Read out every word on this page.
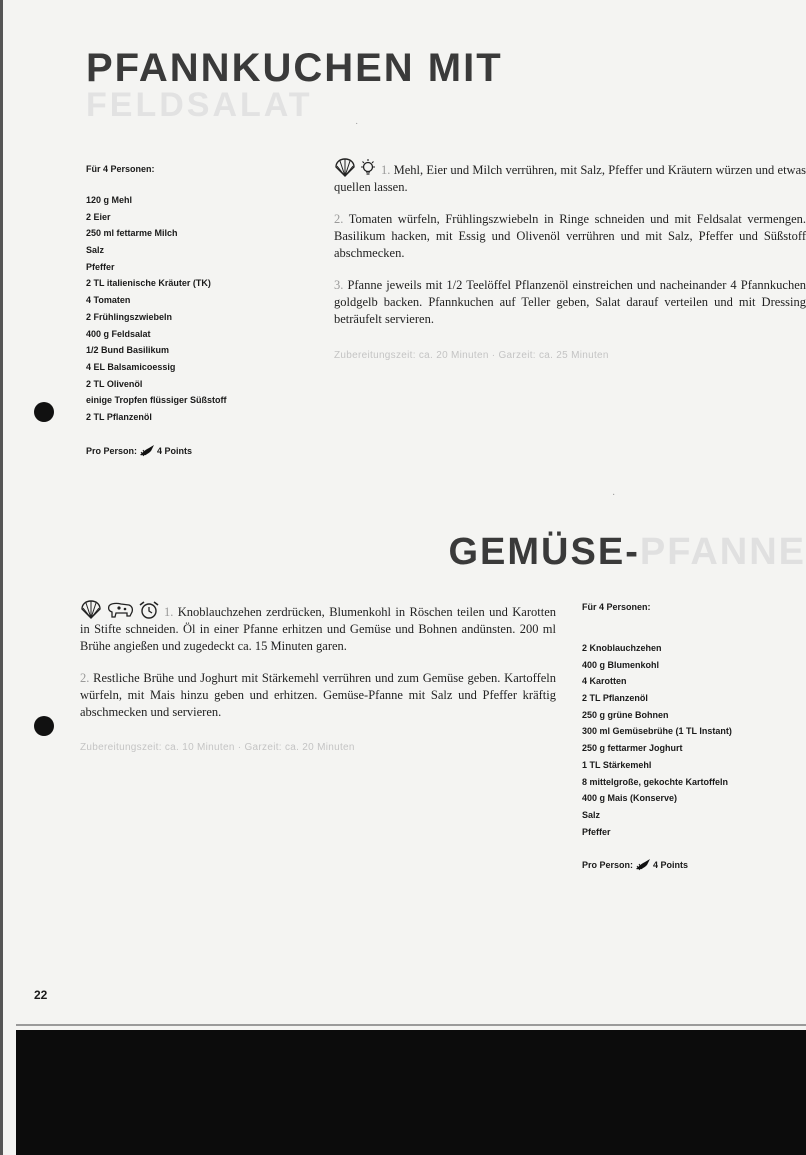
˙
·
PFANNKUCHEN MIT
FELDSALAT
Für 4 Personen:
120 g Mehl
2 Eier
250 ml fettarme Milch
Salz
Pfeffer
2 TL italienische Kräuter (TK)
4 Tomaten
2 Frühlingszwiebeln
400 g Feldsalat
1/2 Bund Basilikum
4 EL Balsamicoessig
2 TL Olivenöl
einige Tropfen flüssiger Süßstoff
2 TL Pflanzenöl
Pro Person: 4 Points

1. Mehl, Eier und Milch verrühren, mit Salz, Pfeffer und Kräutern würzen und etwas quellen lassen.

2. Tomaten würfeln, Frühlingszwiebeln in Ringe schneiden und mit Feldsalat vermengen. Basilikum hacken, mit Essig und Olivenöl verrühren und mit Salz, Pfeffer und Süßstoff abschmecken.

3. Pfanne jeweils mit 1/2 Teelöffel Pflanzenöl einstreichen und nacheinander 4 Pfannkuchen goldgelb backen. Pfannkuchen auf Teller geben, Salat darauf verteilen und mit Dressing beträufelt servieren.

Zubereitungszeit: ca. 20 Minuten · Garzeit: ca. 25 Minuten
GEMÜSE-PFANNE

1. Knoblauchzehen zerdrücken, Blumenkohl in Röschen teilen und Karotten in Stifte schneiden. Öl in einer Pfanne erhitzen und Gemüse und Bohnen andünsten. 200 ml Brühe angießen und zugedeckt ca. 15 Minuten garen.

2. Restliche Brühe und Joghurt mit Stärkemehl verrühren und zum Gemüse geben. Kartoffeln würfeln, mit Mais hinzu geben und erhitzen. Gemüse-Pfanne mit Salz und Pfeffer kräftig abschmecken und servieren.

Zubereitungszeit: ca. 10 Minuten · Garzeit: ca. 20 Minuten
Für 4 Personen:
2 Knoblauchzehen
400 g Blumenkohl
4 Karotten
2 TL Pflanzenöl
250 g grüne Bohnen
300 ml Gemüsebrühe (1 TL Instant)
250 g fettarmer Joghurt
1 TL Stärkemehl
8 mittelgroße, gekochte Kartoffeln
400 g Mais (Konserve)
Salz
Pfeffer
Pro Person: 4 Points
22
